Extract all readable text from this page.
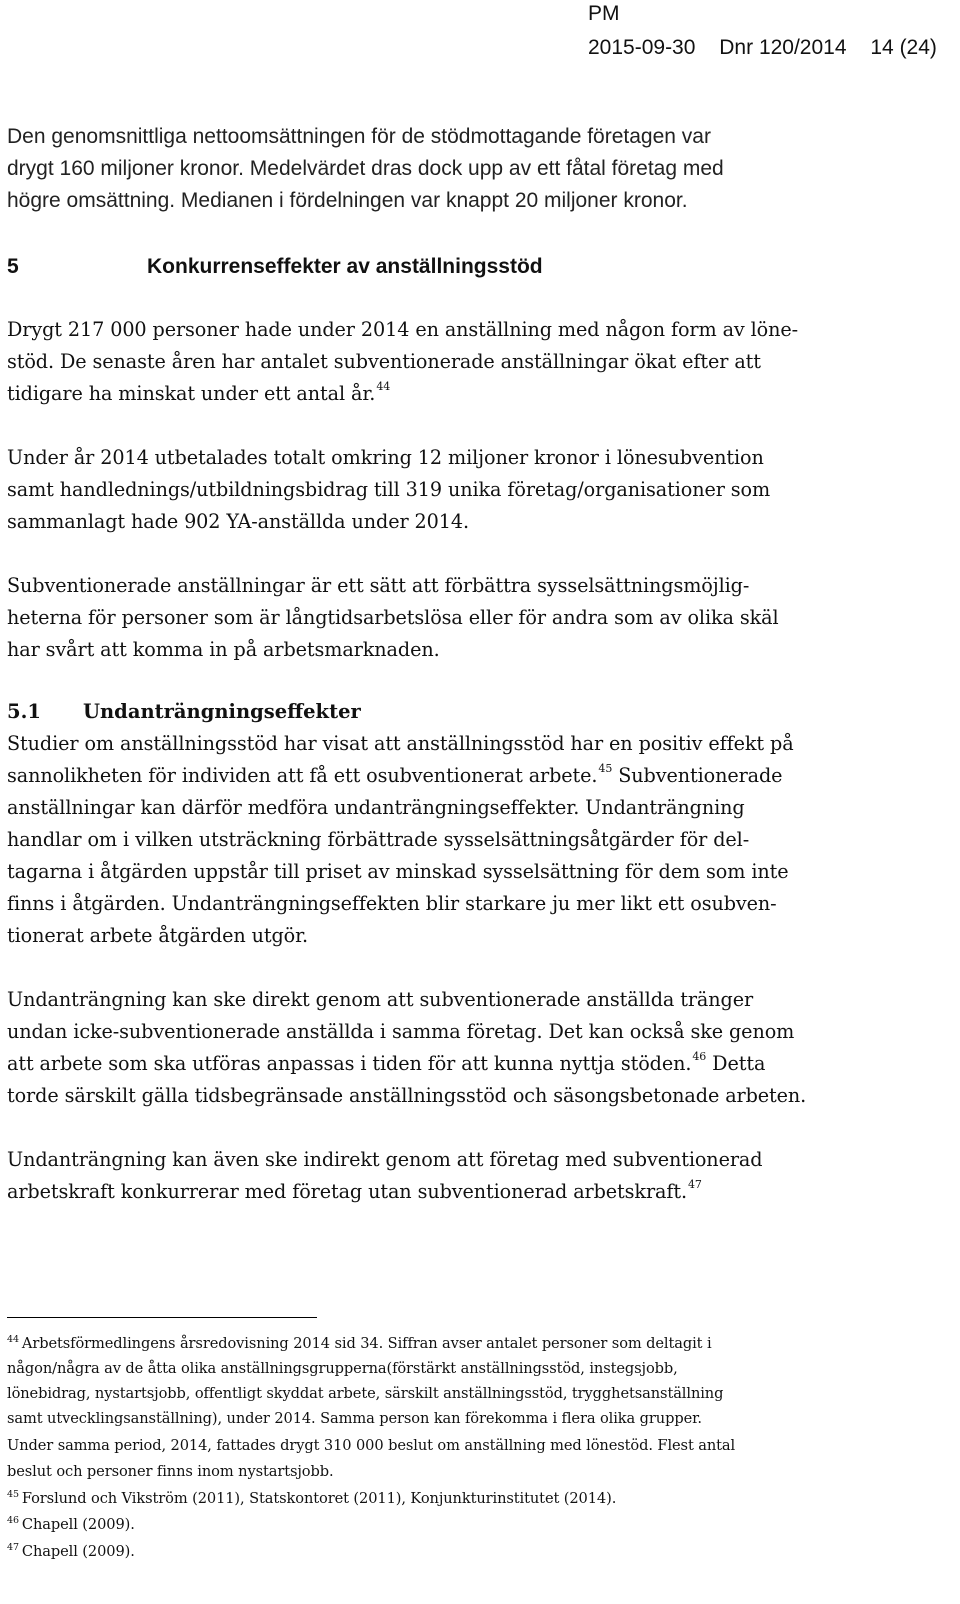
PM
2015-09-30 Dnr 120/2014 14 (24)
Den genomsnittliga nettoomsättningen för de stödmottagande företagen var
drygt 160 miljoner kronor. Medelvärdet dras dock upp av ett fåtal företag med
högre omsättning. Medianen i fördelningen var knappt 20 miljoner kronor.
5	Konkurrenseffekter av anställningsstöd
Drygt 217 000 personer hade under 2014 en anställning med någon form av löne-
stöd. De senaste åren har antalet subventionerade anställningar ökat efter att
tidigare ha minskat under ett antal år.$^{44}$
Under år 2014 utbetalades totalt omkring 12 miljoner kronor i lönesubvention
samt handlednings/utbildningsbidrag till 319 unika företag/organisationer som
sammanlagt hade 902 YA-anställda under 2014.
Subventionerade anställningar är ett sätt att förbättra sysselsättningsmöjlig-
heterna för personer som är långtidsarbetslösa eller för andra som av olika skäl
har svårt att komma in på arbetsmarknaden.
5.1 Undanträngningseffekter
Studier om anställningsstöd har visat att anställningsstöd har en positiv effekt på
sannolikheten för individen att få ett osubventionerat arbete.$^{45}$ Subventionerade
anställningar kan därför medföra undanträngningseffekter. Undanträngning
handlar om i vilken utsträckning förbättrade sysselsättningsåtgärder för del-
tagarna i åtgärden uppstår till priset av minskad sysselsättning för dem som inte
finns i åtgärden. Undanträngningseffekten blir starkare ju mer likt ett osubven-
tionerat arbete åtgärden utgör.
Undanträngning kan ske direkt genom att subventionerade anställda tränger
undan icke-subventionerade anställda i samma företag. Det kan också ske genom
att arbete som ska utföras anpassas i tiden för att kunna nyttja stöden.$^{46}$ Detta
torde särskilt gälla tidsbegränsade anställningsstöd och säsongsbetonade arbeten.
Undanträngning kan även ske indirekt genom att företag med subventionerad
arbetskraft konkurrerar med företag utan subventionerad arbetskraft.$^{47}$
$^{44}$ Arbetsförmedlingens årsredovisning 2014 sid 34. Siffran avser antalet personer som deltagit i
någon/några av de åtta olika anställningsgrupperna(förstärkt anställningsstöd, instegsjobb,
lönebidrag, nystartsjobb, offentligt skyddat arbete, särskilt anställningsstöd, trygghetsanställning
samt utvecklingsanställning), under 2014. Samma person kan förekomma i flera olika grupper.
Under samma period, 2014, fattades drygt 310 000 beslut om anställning med lönestöd. Flest antal
beslut och personer finns inom nystartsjobb.
$^{45}$ Forslund och Vikström (2011), Statskontoret (2011), Konjunkturinstitutet (2014).
$^{46}$ Chapell (2009).
$^{47}$ Chapell (2009).
